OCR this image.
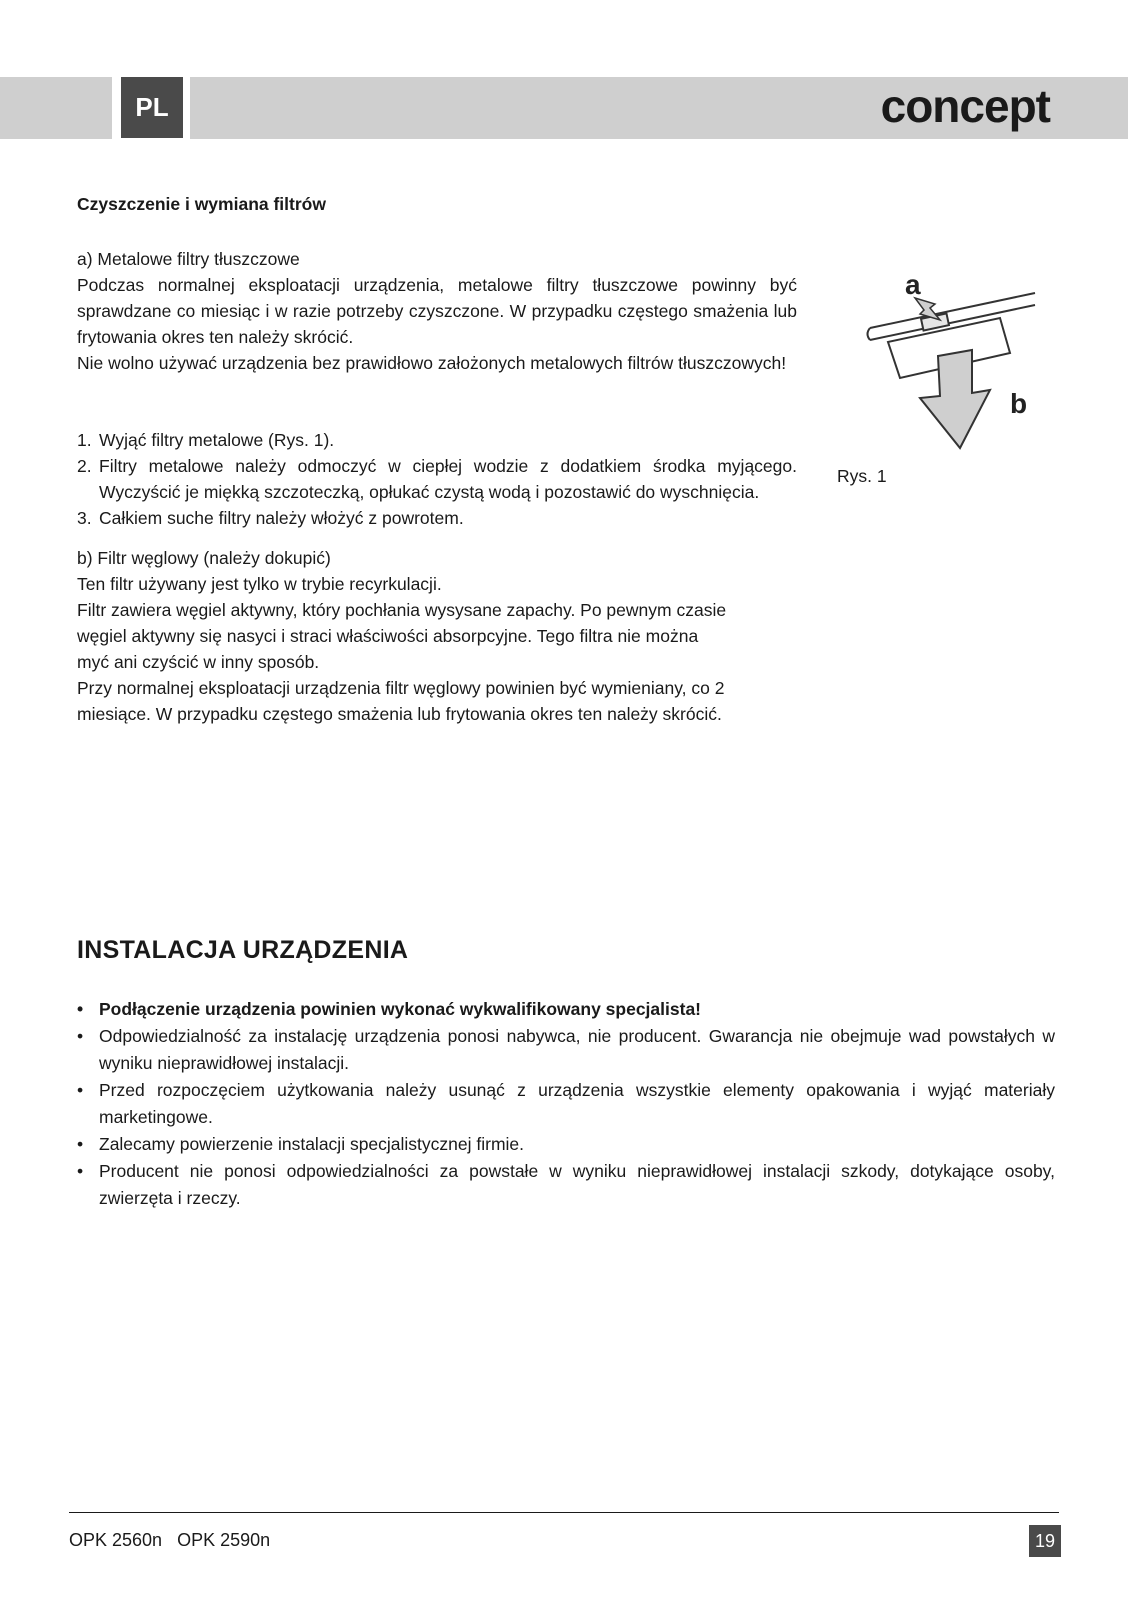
PL	concept
Czyszczenie i wymiana filtrów

a) Metalowe filtry tłuszczowe

Podczas normalnej eksploatacji urządzenia, metalowe filtry tłuszczowe powinny być sprawdzane co miesiąc i w razie potrzeby czyszczone. W przypadku częstego smażenia lub frytowania okres ten należy skrócić.

Nie wolno używać urządzenia bez prawidłowo założonych metalowych filtrów tłuszczowych!

1. Wyjąć filtry metalowe (Rys. 1).
2. Filtry metalowe należy odmoczyć w ciepłej wodzie z dodatkiem środka myjącego. Wyczyścić je miękką szczoteczką, opłukać czystą wodą i pozostawić do wyschnięcia.
3. Całkiem suche filtry należy włożyć z powrotem.

b) Filtr węglowy (należy dokupić)

Ten filtr używany jest tylko w trybie recyrkulacji.

Filtr zawiera węgiel aktywny, który pochłania wysysane zapachy. Po pewnym czasie węgiel aktywny się nasyci i straci właściwości absorpcyjne. Tego filtra nie można myć ani czyścić w inny sposób.

Przy normalnej eksploatacji urządzenia filtr węglowy powinien być wymieniany, co 2 miesiące. W przypadku częstego smażenia lub frytowania okres ten należy skrócić.

a
b
Rys. 1
INSTALACJA URZĄDZENIA
• Podłączenie urządzenia powinien wykonać wykwalifikowany specjalista!
• Odpowiedzialność za instalację urządzenia ponosi nabywca, nie producent. Gwarancja nie obejmuje wad powstałych w wyniku nieprawidłowej instalacji.
• Przed rozpoczęciem użytkowania należy usunąć z urządzenia wszystkie elementy opakowania i wyjąć materiały marketingowe.
• Zalecamy powierzenie instalacji specjalistycznej firmie.
• Producent nie ponosi odpowiedzialności za powstałe w wyniku nieprawidłowej instalacji szkody, dotykające osoby, zwierzęta i rzeczy.
OPK 2560n   OPK 2590n	19
